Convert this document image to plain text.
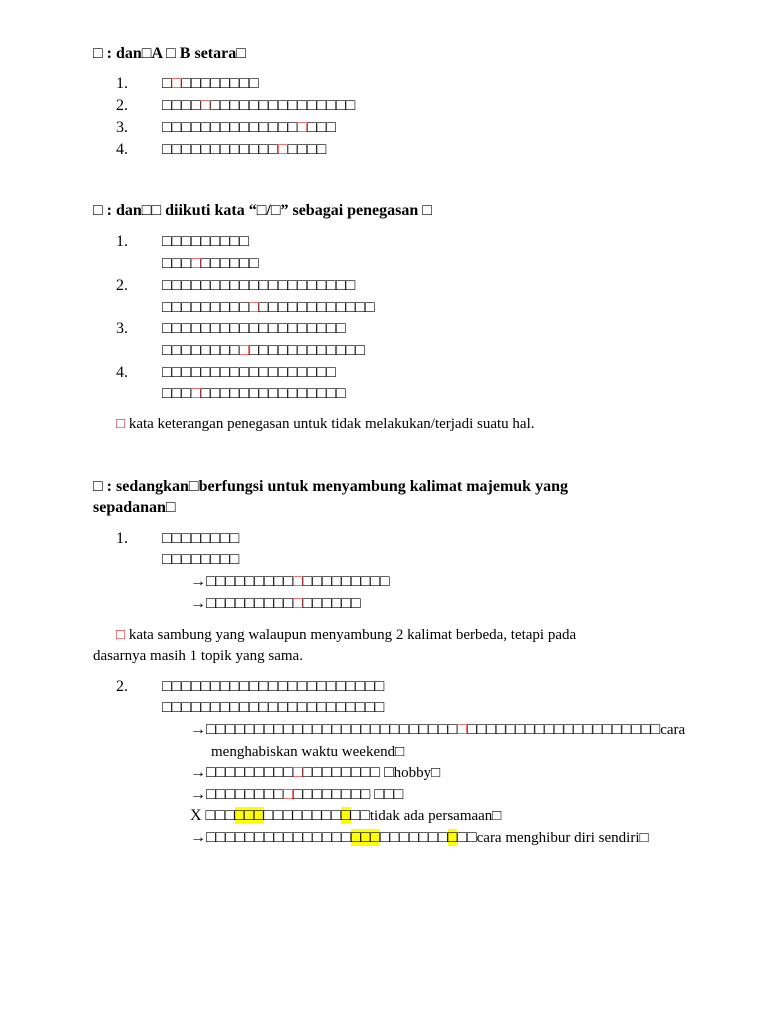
□ : dan□A □ B setara□
1. □□□□□□□□□□
2. □□□□□□□□□□□□□□□□□□□□
3. □□□□□□□□□□□□□□□□□□
4. □□□□□□□□□□□□□□□□□
□ : dan□□ diikuti kata “□/□” sebagai penegasan □
1. □□□□□□□□□
□□□□□□□□□□
2. □□□□□□□□□□□□□□□□□□□□
□□□□□□□□□□□□□□□□□□□□□□
3. □□□□□□□□□□□□□□□□□□□
□□□□□□□□□□□□□□□□□□□□□
4. □□□□□□□□□□□□□□□□□□
□□□□□□□□□□□□□□□□□□□
□ kata keterangan penegasan untuk tidak melakukan/terjadi suatu hal.
□ : sedangkan□berfungsi untuk menyambung kalimat majemuk yang
sepadanan□
1. □□□□□□□□
□□□□□□□□
→□□□□□□□□□□□□□□□□□□□
→□□□□□□□□□□□□□□□□
□ kata sambung yang walaupun menyambung 2 kalimat berbeda, tetapi pada
dasarnya masih 1 topik yang sama.
2. □□□□□□□□□□□□□□□□□□□□□□□
□□□□□□□□□□□□□□□□□□□□□□□
→□□□□□□□□□□□□□□□□□□□□□□□□□□□□□□□□□□□□□□□□□□□□□□□cara
menghabiskan waktu weekend□
→□□□□□□□□□□□□□□□□□□ □hobby□
→□□□□□□□□□□□□□□□□□ □□□
X □□□□□□□□□□□□□□□□□tidak ada persamaan□
→□□□□□□□□□□□□□□□□□□□□□□□□□□□□cara menghibur diri sendiri□
